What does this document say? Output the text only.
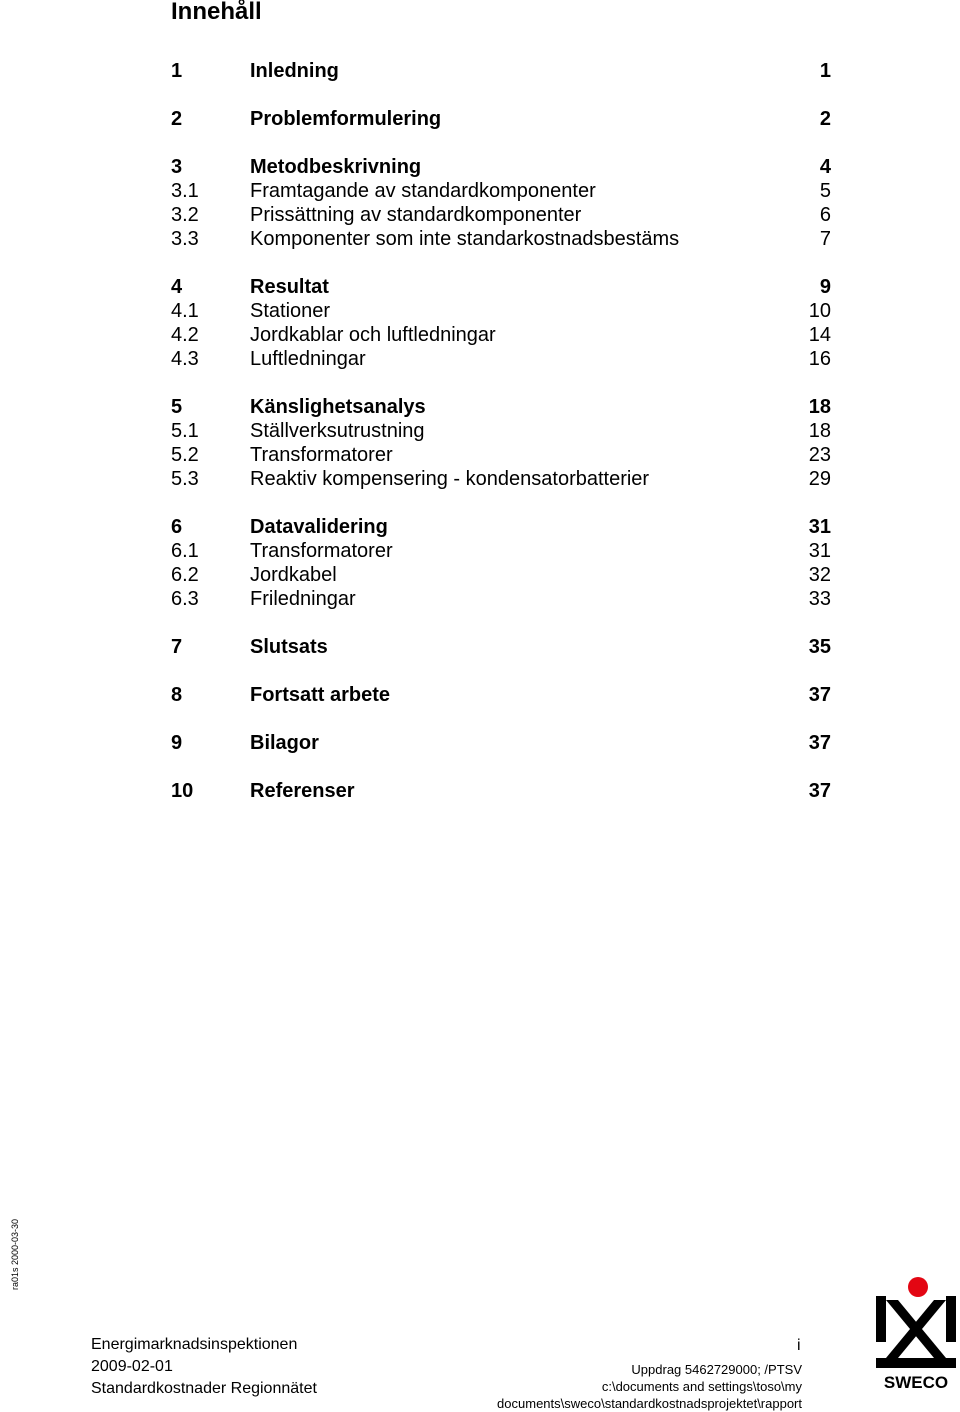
Innehåll
1	Inledning	1
2	Problemformulering	2
3	Metodbeskrivning	4
3.1	Framtagande av standardkomponenter	5
3.2	Prissättning av standardkomponenter	6
3.3	Komponenter som inte standarkostnadsbestäms	7
4	Resultat	9
4.1	Stationer	10
4.2	Jordkablar och luftledningar	14
4.3	Luftledningar	16
5	Känslighetsanalys	18
5.1	Ställverksutrustning	18
5.2	Transformatorer	23
5.3	Reaktiv kompensering - kondensatorbatterier	29
6	Datavalidering	31
6.1	Transformatorer	31
6.2	Jordkabel	32
6.3	Friledningar	33
7	Slutsats	35
8	Fortsatt arbete	37
9	Bilagor	37
10	Referenser	37
ra01s 2000-03-30
Energimarknadsinspektionen
2009-02-01
Standardkostnader Regionnätet
i
Uppdrag 5462729000; /PTSV
c:\documents and settings\toso\my
documents\sweco\standardkostnadsprojektet\rapport
SWECO
